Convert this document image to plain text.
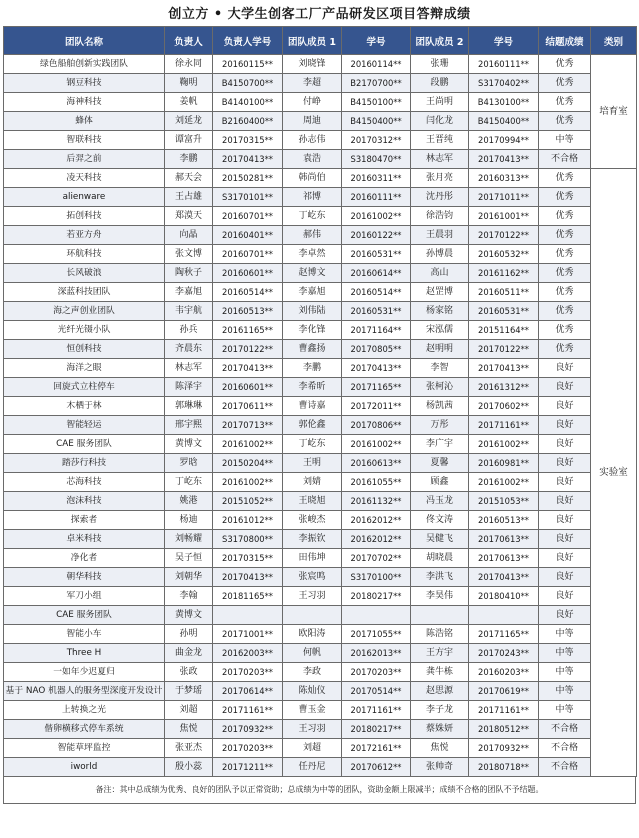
创立方 • 大学生创客工厂产品研发区项目答辩成绩
团队名称	负责人	负责人学号	团队成员 1	学号	团队成员 2	学号	结题成绩	类别
绿色船舶创新实践团队	徐永同	20160115**	刘晓锋	20160114**	张珊	20160111**	优秀	培育室
钢豆科技	鞠明	B4150700**	李超	B2170700**	段鹏	S3170402**	优秀	
海神科技	姜帆	B4140100**	付峥	B4150100**	王尚明	B4130100**	优秀	
蜂体	刘延龙	B2160400**	周迪	B4150400**	闫化龙	B4150400**	优秀	
智联科技	谭富升	20170315**	孙志伟	20170312**	王晋纯	20170994**	中等	
后羿之前	李鹏	20170413**	袁浩	S3180470**	林志军	20170413**	不合格	
凌天科技	郝天会	20150281**	韩尚伯	20160311**	张月亮	20160313**	优秀	实验室
alienware	王占雄	S3170101**	祁博	20160111**	沈丹彤	20171011**	优秀	
拓创科技	郑漠天	20160701**	丁屹东	20161002**	徐浩钧	20161001**	优秀	
若亚方舟	向晶	20160401**	郝伟	20160122**	王晨羽	20170122**	优秀	
环航科技	张文博	20160701**	李卓然	20160531**	孙博晨	20160532**	优秀	
长风破浪	陶秋子	20160601**	赵博文	20160614**	高山	20161162**	优秀	
深蓝科技团队	李嘉旭	20160514**	李嘉旭	20160514**	赵罡博	20160511**	优秀	
海之声创业团队	韦宇航	20160513**	刘伟陆	20160531**	杨家铭	20160531**	优秀	
光纤光镊小队	孙兵	20161165**	李化锋	20171164**	宋泓儒	20151164**	优秀	
恒创科技	齐晨东	20170122**	曹鑫扬	20170805**	赵明明	20170122**	优秀	
海洋之眼	林志军	20170413**	李鹏	20170413**	李智	20170413**	良好	
回旋式立柱停车	陈泽宇	20160601**	李希昕	20171165**	张柯沁	20161312**	良好	
木栖于林	郭琳琳	20170611**	曹诗嘉	20172011**	杨凯茜	20170602**	良好	
智能轻运	邢宇熙	20170713**	郭伦鑫	20170806**	万彤	20171161**	良好	
CAE 服务团队	黄博文	20161002**	丁屹东	20161002**	李广宇	20161002**	良好	
踏莎行科技	罗晗	20150204**	王明	20160613**	夏馨	20160981**	良好	
芯海科技	丁屹东	20161002**	刘婧	20161055**	顾鑫	20161002**	良好	
泡沫科技	姚港	20151052**	王晓旭	20161132**	冯玉龙	20151053**	良好	
探索者	杨迪	20161012**	张峻杰	20162012**	佟文涛	20160513**	良好	
卓米科技	刘畅耀	S3170800**	李振钦	20162012**	吴健飞	20170613**	良好	
净化者	吴子恒	20170315**	田伟坤	20170702**	胡晓晨	20170613**	良好	
朝华科技	刘朝华	20170413**	张宸鸣	S3170100**	李洪飞	20170413**	良好	
军刀小组	李翰	20181165**	王习羽	20180217**	李昊伟	20180410**	良好	
CAE 服务团队	黄博文						良好	
智能小车	孙明	20171001**	欧阳涛	20171055**	陈浩铭	20171165**	中等	
Three H	曲金龙	20162003**	何帆	20162013**	王方宇	20170243**	中等	
一如年少迟夏归	张政	20170203**	李政	20170203**	龚牛栋	20160203**	中等	
基于 NAO 机器人的服务型深度开发设计	于梦瑶	20170614**	陈灿仪	20170514**	赵思源	20170619**	中等	
上转换之光	刘超	20171161**	曹玉金	20171161**	李子龙	20171161**	中等	
偕卵横移式停车系统	焦悦	20170932**	王习羽	20180217**	蔡姝妍	20180512**	不合格	
智能草坪监控	张亚杰	20170203**	刘超	20172161**	焦悦	20170932**	不合格	
iworld	殷小蕊	20171211**	任丹尼	20170612**	张帅奇	20180718**	不合格	
备注：其中总成绩为优秀、良好的团队予以正常资助；总成绩为中等的团队，资助金额上限减半；成绩不合格的团队不予结题。
